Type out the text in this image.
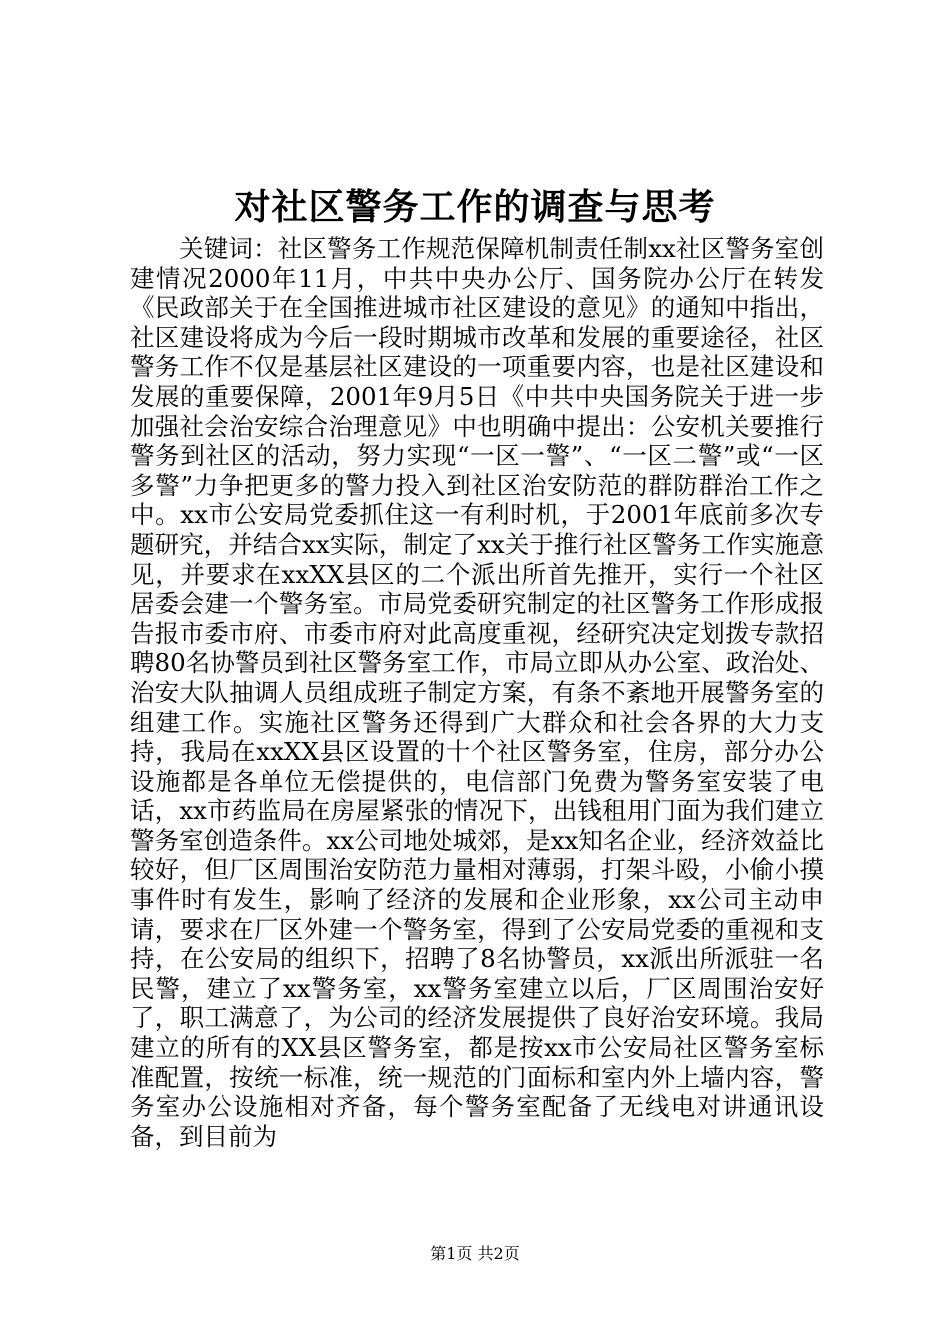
对社区警务工作的调查与思考

关键词：社区警务工作规范保障机制责任制xx社区警务室创建情况2000年11月，中共中央办公厅、国务院办公厅在转发《民政部关于在全国推进城市社区建设的意见》的通知中指出，社区建设将成为今后一段时期城市改革和发展的重要途径，社区警务工作不仅是基层社区建设的一项重要内容，也是社区建设和发展的重要保障，2001年9月5日《中共中央国务院关于进一步加强社会治安综合治理意见》中也明确中提出：公安机关要推行警务到社区的活动，努力实现“一区一警”、“一区二警”或“一区多警”力争把更多的警力投入到社区治安防范的群防群治工作之中。xx市公安局党委抓住这一有利时机，于2001年底前多次专题研究，并结合xx实际，制定了xx关于推行社区警务工作实施意见，并要求在xxXX县区的二个派出所首先推开，实行一个社区居委会建一个警务室。市局党委研究制定的社区警务工作形成报告报市委市府、市委市府对此高度重视，经研究决定划拨专款招聘80名协警员到社区警务室工作，市局立即从办公室、政治处、治安大队抽调人员组成班子制定方案，有条不紊地开展警务室的组建工作。实施社区警务还得到广大群众和社会各界的大力支持，我局在xxXX县区设置的十个社区警务室，住房，部分办公设施都是各单位无偿提供的，电信部门免费为警务室安装了电话，xx市药监局在房屋紧张的情况下，出钱租用门面为我们建立警务室创造条件。xx公司地处城郊，是xx知名企业，经济效益比较好，但厂区周围治安防范力量相对薄弱，打架斗殴，小偷小摸事件时有发生，影响了经济的发展和企业形象，xx公司主动申请，要求在厂区外建一个警务室，得到了公安局党委的重视和支持，在公安局的组织下，招聘了8名协警员，xx派出所派驻一名民警，建立了xx警务室，xx警务室建立以后，厂区周围治安好了，职工满意了，为公司的经济发展提供了良好治安环境。我局建立的所有的XX县区警务室，都是按xx市公安局社区警务室标准配置，按统一标准，统一规范的门面标和室内外上墙内容，警务室办公设施相对齐备，每个警务室配备了无线电对讲通讯设备，到目前为

第1页 共2页
